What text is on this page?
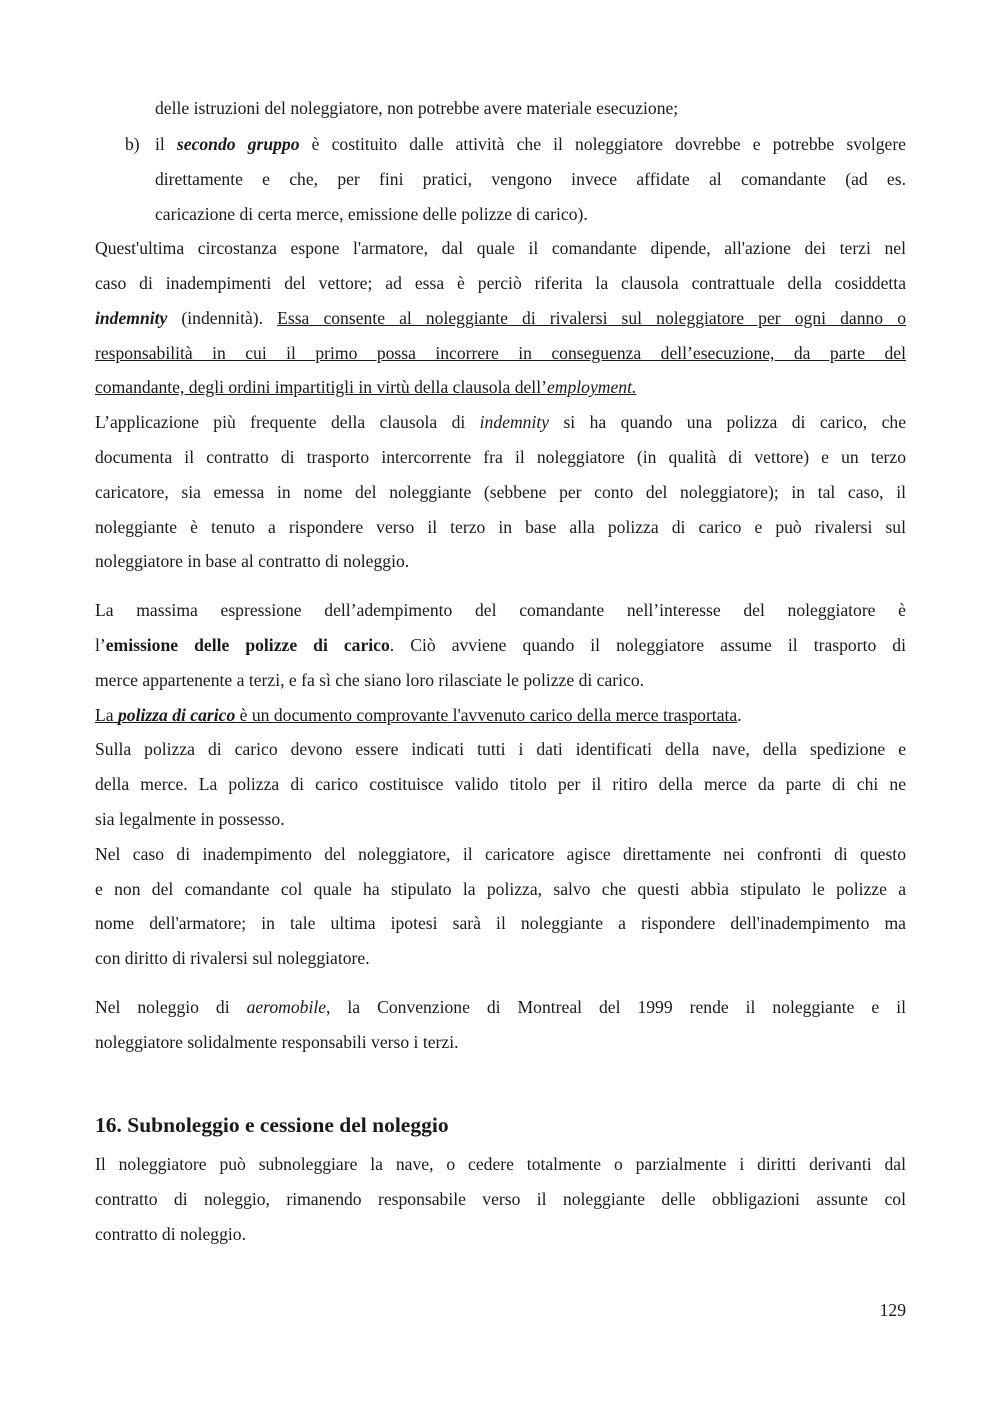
delle istruzioni del noleggiatore, non potrebbe avere materiale esecuzione;
b) il secondo gruppo è costituito dalle attività che il noleggiatore dovrebbe e potrebbe svolgere
direttamente e che, per fini pratici, vengono invece affidate al comandante (ad es.
caricazione di certa merce, emissione delle polizze di carico).
Quest'ultima circostanza espone l'armatore, dal quale il comandante dipende, all'azione dei terzi nel
caso di inadempimenti del vettore; ad essa è perciò riferita la clausola contrattuale della cosiddetta
indemnity (indennità). Essa consente al noleggiante di rivalersi sul noleggiatore per ogni danno o
responsabilità in cui il primo possa incorrere in conseguenza dell’esecuzione, da parte del
comandante, degli ordini impartitigli in virtù della clausola dell’employment.
L’applicazione più frequente della clausola di indemnity si ha quando una polizza di carico, che
documenta il contratto di trasporto intercorrente fra il noleggiatore (in qualità di vettore) e un terzo
caricatore, sia emessa in nome del noleggiante (sebbene per conto del noleggiatore); in tal caso, il
noleggiante è tenuto a rispondere verso il terzo in base alla polizza di carico e può rivalersi sul
noleggiatore in base al contratto di noleggio.
La massima espressione dell’adempimento del comandante nell’interesse del noleggiatore è
l’emissione delle polizze di carico. Ciò avviene quando il noleggiatore assume il trasporto di
merce appartenente a terzi, e fa sì che siano loro rilasciate le polizze di carico.
La polizza di carico è un documento comprovante l'avvenuto carico della merce trasportata.
Sulla polizza di carico devono essere indicati tutti i dati identificati della nave, della spedizione e
della merce. La polizza di carico costituisce valido titolo per il ritiro della merce da parte di chi ne
sia legalmente in possesso.
Nel caso di inadempimento del noleggiatore, il caricatore agisce direttamente nei confronti di questo
e non del comandante col quale ha stipulato la polizza, salvo che questi abbia stipulato le polizze a
nome dell'armatore; in tale ultima ipotesi sarà il noleggiante a rispondere dell'inadempimento ma
con diritto di rivalersi sul noleggiatore.
Nel noleggio di aeromobile, la Convenzione di Montreal del 1999 rende il noleggiante e il
noleggiatore solidalmente responsabili verso i terzi.
16. Subnoleggio e cessione del noleggio
Il noleggiatore può subnoleggiare la nave, o cedere totalmente o parzialmente i diritti derivanti dal
contratto di noleggio, rimanendo responsabile verso il noleggiante delle obbligazioni assunte col
contratto di noleggio.
129
